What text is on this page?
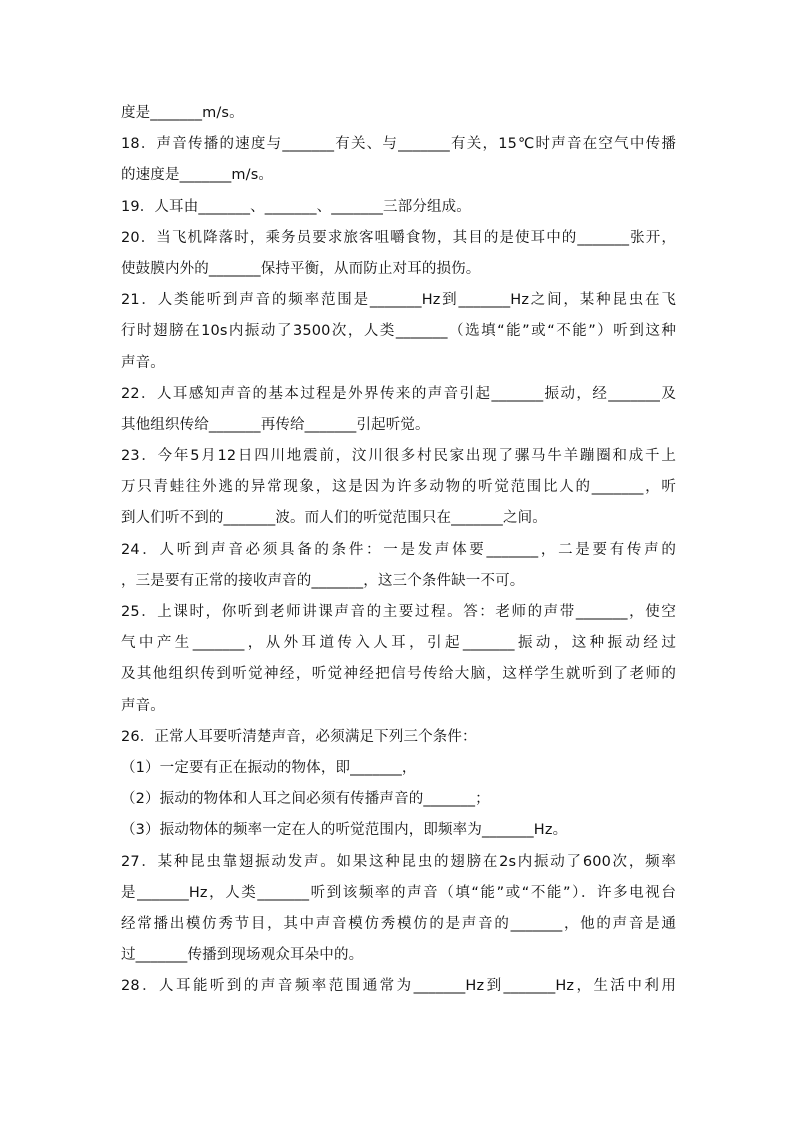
度是_______m/s。
18．声音传播的速度与_______有关、与_______有关，15℃时声音在空气中传播
的速度是_______m/s。
19．人耳由_______、_______、_______三部分组成。
20．当飞机降落时，乘务员要求旅客咀嚼食物，其目的是使耳中的_______张开，
使鼓膜内外的_______保持平衡，从而防止对耳的损伤。
21．人类能听到声音的频率范围是_______Hz到_______Hz之间，某种昆虫在飞
行时翅膀在10s内振动了3500次，人类_______（选填“能”或“不能”）听到这种
声音。
22．人耳感知声音的基本过程是外界传来的声音引起_______振动，经_______及
其他组织传给_______再传给_______引起听觉。
23．今年5月12日四川地震前，汶川很多村民家出现了骡马牛羊蹦圈和成千上
万只青蛙往外逃的异常现象，这是因为许多动物的听觉范围比人的_______，听
到人们听不到的_______波。而人们的听觉范围只在_______之间。
24．人听到声音必须具备的条件：一是发声体要_______，二是要有传声的
，三是要有正常的接收声音的_______，这三个条件缺一不可。
25．上课时，你听到老师讲课声音的主要过程。答：老师的声带_______，使空
气中产生_______，从外耳道传入人耳，引起_______振动，这种振动经过
及其他组织传到听觉神经，听觉神经把信号传给大脑，这样学生就听到了老师的
声音。
26．正常人耳要听清楚声音，必须满足下列三个条件：
（1）一定要有正在振动的物体，即_______，
（2）振动的物体和人耳之间必须有传播声音的_______；
（3）振动物体的频率一定在人的听觉范围内，即频率为_______Hz。
27．某种昆虫靠翅振动发声。如果这种昆虫的翅膀在2s内振动了600次，频率
是_______Hz，人类_______听到该频率的声音（填“能”或“不能”）．许多电视台
经常播出模仿秀节目，其中声音模仿秀模仿的是声音的_______，他的声音是通
过_______传播到现场观众耳朵中的。
28．人耳能听到的声音频率范围通常为_______Hz到_______Hz，生活中利用
